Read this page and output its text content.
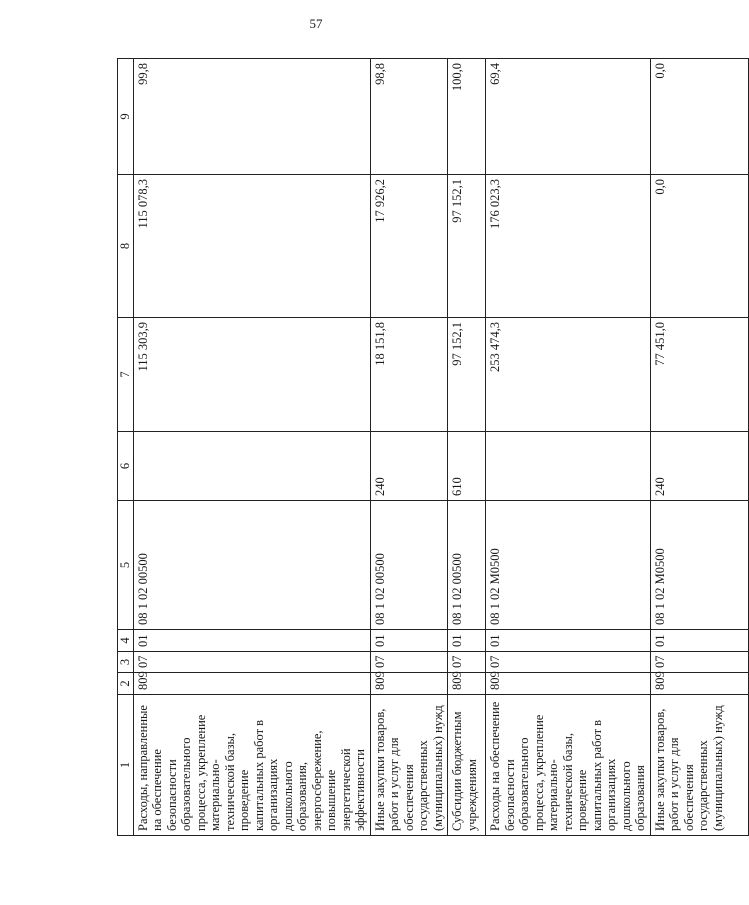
57
1	2	3	4	5	6	7	8	9
Расходы, направленные на обеспечение безопасности образовательного процесса, укрепление материально-технической базы, проведение капитальных работ в организациях дошкольного образования, энергосбережение, повышение энергетической эффективности	809	07	01	08 1 02 00500		115 303,9	115 078,3	99,8
Иные закупки товаров, работ и услуг для обеспечения государственных (муниципальных) нужд	809	07	01	08 1 02 00500	240	18 151,8	17 926,2	98,8
Субсидии бюджетным учреждениям	809	07	01	08 1 02 00500	610	97 152,1	97 152,1	100,0
Расходы на обеспечение безопасности образовательного процесса, укрепление материально-технической базы, проведение капитальных работ в организациях дошкольного образования	809	07	01	08 1 02 M0500		253 474,3	176 023,3	69,4
Иные закупки товаров, работ и услуг для обеспечения государственных (муниципальных) нужд	809	07	01	08 1 02 M0500	240	77 451,0	0,0	0,0
